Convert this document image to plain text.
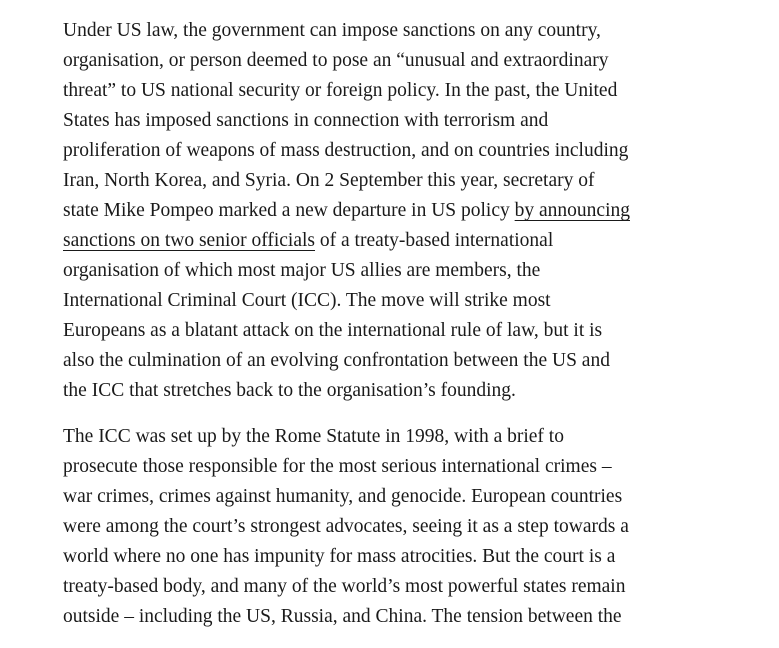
Under US law, the government can impose sanctions on any country,
organisation, or person deemed to pose an “unusual and extraordinary
threat” to US national security or foreign policy. In the past, the United
States has imposed sanctions in connection with terrorism and
proliferation of weapons of mass destruction, and on countries including
Iran, North Korea, and Syria. On 2 September this year, secretary of
state Mike Pompeo marked a new departure in US policy by announcing
sanctions on two senior officials of a treaty-based international
organisation of which most major US allies are members, the
International Criminal Court (ICC). The move will strike most
Europeans as a blatant attack on the international rule of law, but it is
also the culmination of an evolving confrontation between the US and
the ICC that stretches back to the organisation’s founding.

The ICC was set up by the Rome Statute in 1998, with a brief to
prosecute those responsible for the most serious international crimes –
war crimes, crimes against humanity, and genocide. European countries
were among the court’s strongest advocates, seeing it as a step towards a
world where no one has impunity for mass atrocities. But the court is a
treaty-based body, and many of the world’s most powerful states remain
outside – including the US, Russia, and China. The tension between the
